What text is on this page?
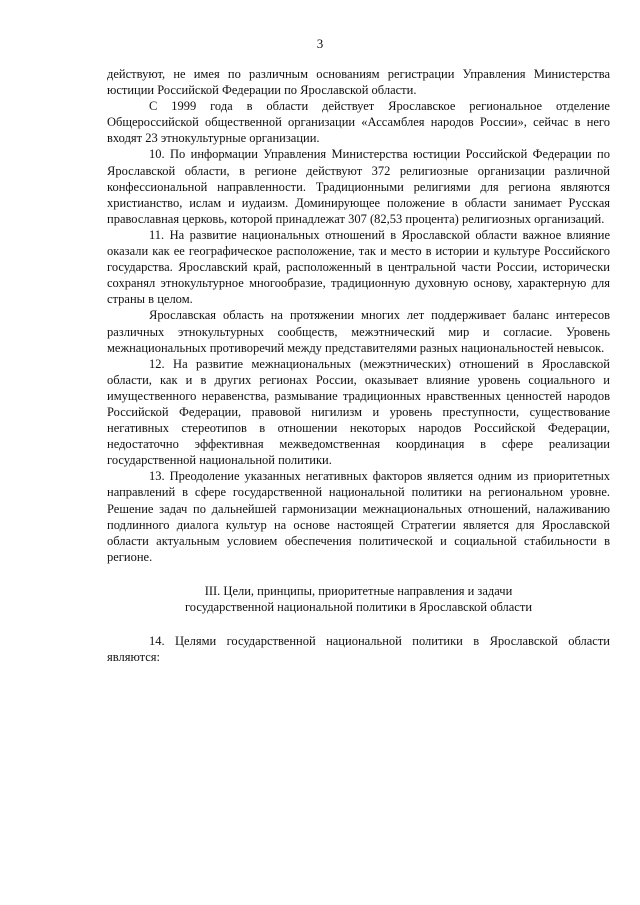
3

действуют, не имея по различным основаниям регистрации Управления Министерства юстиции Российской Федерации по Ярославской области.

С 1999 года в области действует Ярославское региональное отделение Общероссийской общественной организации «Ассамблея народов России», сейчас в него входят 23 этнокультурные организации.

10. По информации Управления Министерства юстиции Российской Федерации по Ярославской области, в регионе действуют 372 религиозные организации различной конфессиональной направленности. Традиционными религиями для региона являются христианство, ислам и иудаизм. Доминирующее положение в области занимает Русская православная церковь, которой принадлежат 307 (82,53 процента) религиозных организаций.

11. На развитие национальных отношений в Ярославской области важное влияние оказали как ее географическое расположение, так и место в истории и культуре Российского государства. Ярославский край, расположенный в центральной части России, исторически сохранял этнокультурное многообразие, традиционную духовную основу, характерную для страны в целом.

Ярославская область на протяжении многих лет поддерживает баланс интересов различных этнокультурных сообществ, межэтнический мир и согласие. Уровень межнациональных противоречий между представителями разных национальностей невысок.

12. На развитие межнациональных (межэтнических) отношений в Ярославской области, как и в других регионах России, оказывает влияние уровень социального и имущественного неравенства, размывание традиционных нравственных ценностей народов Российской Федерации, правовой нигилизм и уровень преступности, существование негативных стереотипов в отношении некоторых народов Российской Федерации, недостаточно эффективная межведомственная координация в сфере реализации государственной национальной политики.

13. Преодоление указанных негативных факторов является одним из приоритетных направлений в сфере государственной национальной политики на региональном уровне. Решение задач по дальнейшей гармонизации межнациональных отношений, налаживанию подлинного диалога культур на основе настоящей Стратегии является для Ярославской области актуальным условием обеспечения политической и социальной стабильности в регионе.

III. Цели, принципы, приоритетные направления и задачи
государственной национальной политики в Ярославской области

14. Целями государственной национальной политики в Ярославской области являются:
